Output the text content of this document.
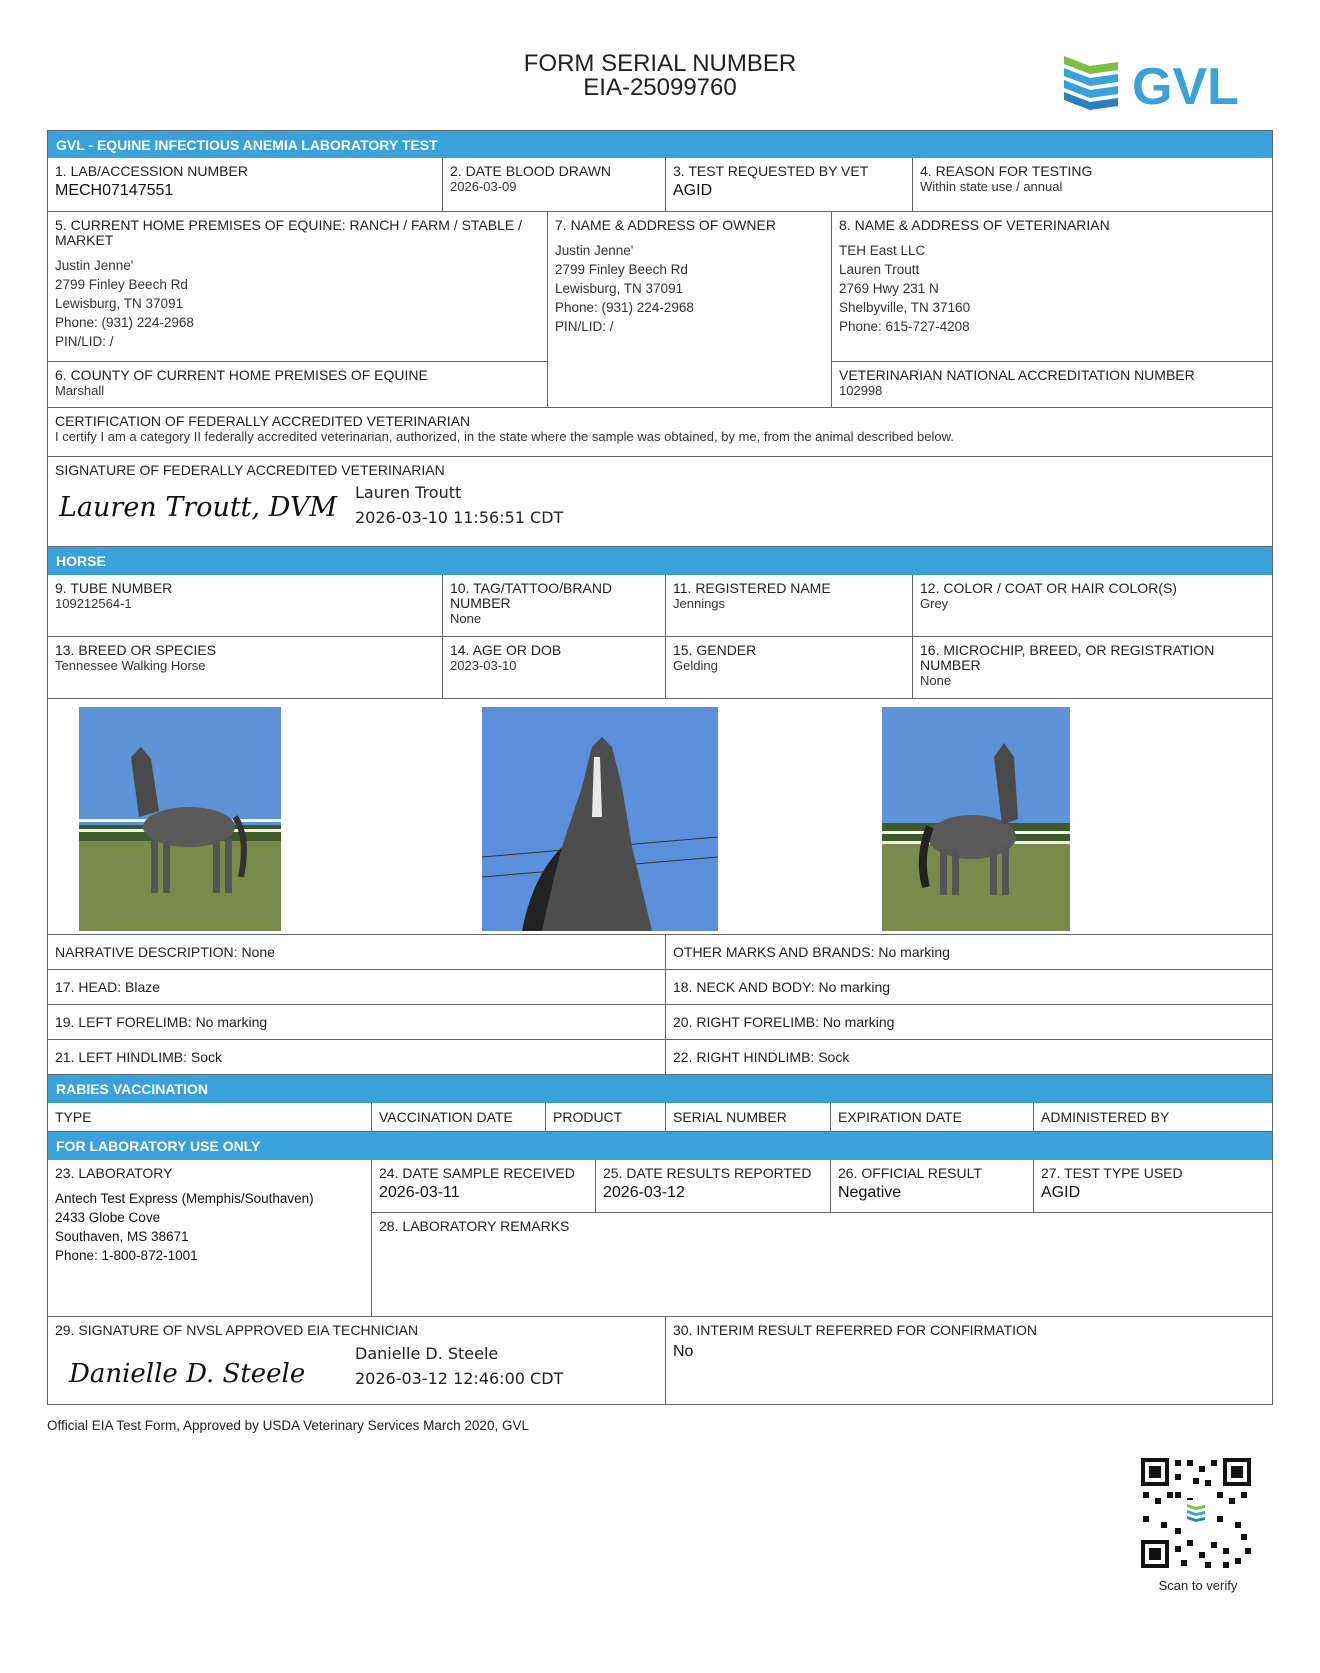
FORM SERIAL NUMBER
EIA-25099760	GVL
GVL - EQUINE INFECTIOUS ANEMIA LABORATORY TEST
1. LAB/ACCESSION NUMBER
MECH07147551
2. DATE BLOOD DRAWN
2026-03-09
3. TEST REQUESTED BY VET
AGID
4. REASON FOR TESTING
Within state use / annual
5. CURRENT HOME PREMISES OF EQUINE: RANCH / FARM / STABLE / MARKET
Justin Jenne'
2799 Finley Beech Rd
Lewisburg, TN 37091
Phone: (931) 224-2968
PIN/LID: /
6. COUNTY OF CURRENT HOME PREMISES OF EQUINE
Marshall
7. NAME & ADDRESS OF OWNER
Justin Jenne'
2799 Finley Beech Rd
Lewisburg, TN 37091
Phone: (931) 224-2968
PIN/LID: /
8. NAME & ADDRESS OF VETERINARIAN
TEH East LLC
Lauren Troutt
2769 Hwy 231 N
Shelbyville, TN 37160
Phone: 615-727-4208
VETERINARIAN NATIONAL ACCREDITATION NUMBER
102998
CERTIFICATION OF FEDERALLY ACCREDITED VETERINARIAN
I certify I am a category II federally accredited veterinarian, authorized, in the state where the sample was obtained, by me, from the animal described below.
SIGNATURE OF FEDERALLY ACCREDITED VETERINARIAN
Lauren Troutt, DVM Lauren Troutt
2026-03-10 11:56:51 CDT
HORSE
9. TUBE NUMBER
109212564-1
10. TAG/TATTOO/BRAND NUMBER
None
11. REGISTERED NAME
Jennings
12. COLOR / COAT OR HAIR COLOR(S)
Grey
13. BREED OR SPECIES
Tennessee Walking Horse
14. AGE OR DOB
2023-03-10
15. GENDER
Gelding
16. MICROCHIP, BREED, OR REGISTRATION NUMBER
None
NARRATIVE DESCRIPTION: None	OTHER MARKS AND BRANDS: No marking
17. HEAD: Blaze	18. NECK AND BODY: No marking
19. LEFT FORELIMB: No marking	20. RIGHT FORELIMB: No marking
21. LEFT HINDLIMB: Sock	22. RIGHT HINDLIMB: Sock
RABIES VACCINATION
TYPE	VACCINATION DATE	PRODUCT	SERIAL NUMBER	EXPIRATION DATE	ADMINISTERED BY
FOR LABORATORY USE ONLY
23. LABORATORY
Antech Test Express (Memphis/Southaven)
2433 Globe Cove
Southaven, MS 38671
Phone: 1-800-872-1001
24. DATE SAMPLE RECEIVED
2026-03-11
25. DATE RESULTS REPORTED
2026-03-12
26. OFFICIAL RESULT
Negative
27. TEST TYPE USED
AGID
28. LABORATORY REMARKS
29. SIGNATURE OF NVSL APPROVED EIA TECHNICIAN
Danielle D. Steele
Danielle D. Steele
2026-03-12 12:46:00 CDT
30. INTERIM RESULT REFERRED FOR CONFIRMATION
No
Official EIA Test Form, Approved by USDA Veterinary Services March 2020, GVL
Scan to verify
